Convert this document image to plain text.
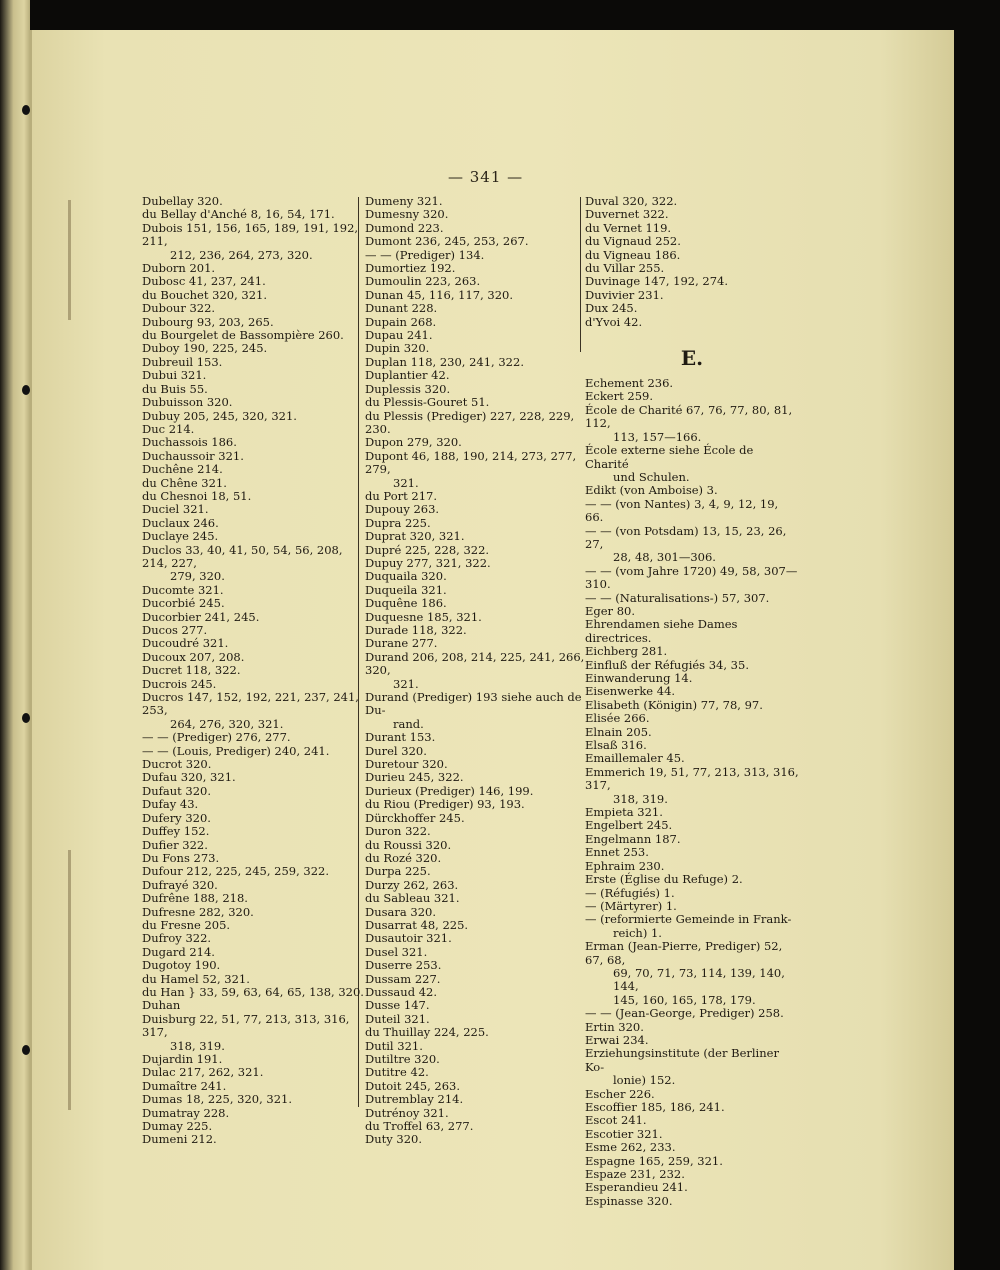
— 341 —
Dubellay 320.
du Bellay d'Anché 8, 16, 54, 171.
Dubois 151, 156, 165, 189, 191, 192, 211,
212, 236, 264, 273, 320.
Duborn 201.
Dubosc 41, 237, 241.
du Bouchet 320, 321.
Dubour 322.
Dubourg 93, 203, 265.
du Bourgelet de Bassompière 260.
Duboy 190, 225, 245.
Dubreuil 153.
Dubui 321.
du Buis 55.
Dubuisson 320.
Dubuy 205, 245, 320, 321.
Duc 214.
Duchassois 186.
Duchaussoir 321.
Duchêne 214.
du Chêne 321.
du Chesnoi 18, 51.
Duciel 321.
Duclaux 246.
Duclaye 245.
Duclos 33, 40, 41, 50, 54, 56, 208, 214, 227,
279, 320.
Ducomte 321.
Ducorbié 245.
Ducorbier 241, 245.
Ducos 277.
Ducoudré 321.
Ducoux 207, 208.
Ducret 118, 322.
Ducrois 245.
Ducros 147, 152, 192, 221, 237, 241, 253,
264, 276, 320, 321.
— — (Prediger) 276, 277.
— — (Louis, Prediger) 240, 241.
Ducrot 320.
Dufau 320, 321.
Dufaut 320.
Dufay 43.
Dufery 320.
Duffey 152.
Dufier 322.
Du Fons 273.
Dufour 212, 225, 245, 259, 322.
Dufrayé 320.
Dufrêne 188, 218.
Dufresne 282, 320.
du Fresne 205.
Dufroy 322.
Dugard 214.
Dugotoy 190.
du Hamel 52, 321.
du Han } 33, 59, 63, 64, 65, 138, 320.
Duhan
Duisburg 22, 51, 77, 213, 313, 316, 317,
318, 319.
Dujardin 191.
Dulac 217, 262, 321.
Dumaître 241.
Dumas 18, 225, 320, 321.
Dumatray 228.
Dumay 225.
Dumeni 212.
Dumeny 321.
Dumesny 320.
Dumond 223.
Dumont 236, 245, 253, 267.
— — (Prediger) 134.
Dumortiez 192.
Dumoulin 223, 263.
Dunan 45, 116, 117, 320.
Dunant 228.
Dupain 268.
Dupau 241.
Dupin 320.
Duplan 118, 230, 241, 322.
Duplantier 42.
Duplessis 320.
du Plessis-Gouret 51.
du Plessis (Prediger) 227, 228, 229, 230.
Dupon 279, 320.
Dupont 46, 188, 190, 214, 273, 277, 279,
321.
du Port 217.
Dupouy 263.
Dupra 225.
Duprat 320, 321.
Dupré 225, 228, 322.
Dupuy 277, 321, 322.
Duquaila 320.
Duqueila 321.
Duquêne 186.
Duquesne 185, 321.
Durade 118, 322.
Durane 277.
Durand 206, 208, 214, 225, 241, 266, 320,
321.
Durand (Prediger) 193 siehe auch de Du-
rand.
Durant 153.
Durel 320.
Duretour 320.
Durieu 245, 322.
Durieux (Prediger) 146, 199.
du Riou (Prediger) 93, 193.
Dürckhoffer 245.
Duron 322.
du Roussi 320.
du Rozé 320.
Durpa 225.
Durzy 262, 263.
du Sableau 321.
Dusara 320.
Dusarrat 48, 225.
Dusautoir 321.
Dusel 321.
Duserre 253.
Dussam 227.
Dussaud 42.
Dusse 147.
Duteil 321.
du Thuillay 224, 225.
Dutil 321.
Dutiltre 320.
Dutitre 42.
Dutoit 245, 263.
Dutremblay 214.
Dutrénoy 321.
du Troffel 63, 277.
Duty 320.
Duval 320, 322.
Duvernet 322.
du Vernet 119.
du Vignaud 252.
du Vigneau 186.
du Villar 255.
Duvinage 147, 192, 274.
Duvivier 231.
Dux 245.
d'Yvoi 42.
E.
Echement 236.
Eckert 259.
École de Charité 67, 76, 77, 80, 81, 112,
113, 157—166.
École externe siehe École de Charité
und Schulen.
Edikt (von Amboise) 3.
— — (von Nantes) 3, 4, 9, 12, 19, 66.
— — (von Potsdam) 13, 15, 23, 26, 27,
28, 48, 301—306.
— — (vom Jahre 1720) 49, 58, 307—310.
— — (Naturalisations-) 57, 307.
Eger 80.
Ehrendamen siehe Dames directrices.
Eichberg 281.
Einfluß der Réfugiés 34, 35.
Einwanderung 14.
Eisenwerke 44.
Elisabeth (Königin) 77, 78, 97.
Elisée 266.
Elnain 205.
Elsaß 316.
Emaillemaler 45.
Emmerich 19, 51, 77, 213, 313, 316, 317,
318, 319.
Empieta 321.
Engelbert 245.
Engelmann 187.
Ennet 253.
Ephraim 230.
Erste (Église du Refuge) 2.
— (Réfugiés) 1.
— (Märtyrer) 1.
— (reformierte Gemeinde in Frank-
reich) 1.
Erman (Jean-Pierre, Prediger) 52, 67, 68,
69, 70, 71, 73, 114, 139, 140, 144,
145, 160, 165, 178, 179.
— — (Jean-George, Prediger) 258.
Ertin 320.
Erwai 234.
Erziehungsinstitute (der Berliner Ko-
lonie) 152.
Escher 226.
Escoffier 185, 186, 241.
Escot 241.
Escotier 321.
Esme 262, 233.
Espagne 165, 259, 321.
Espaze 231, 232.
Esperandieu 241.
Espinasse 320.
